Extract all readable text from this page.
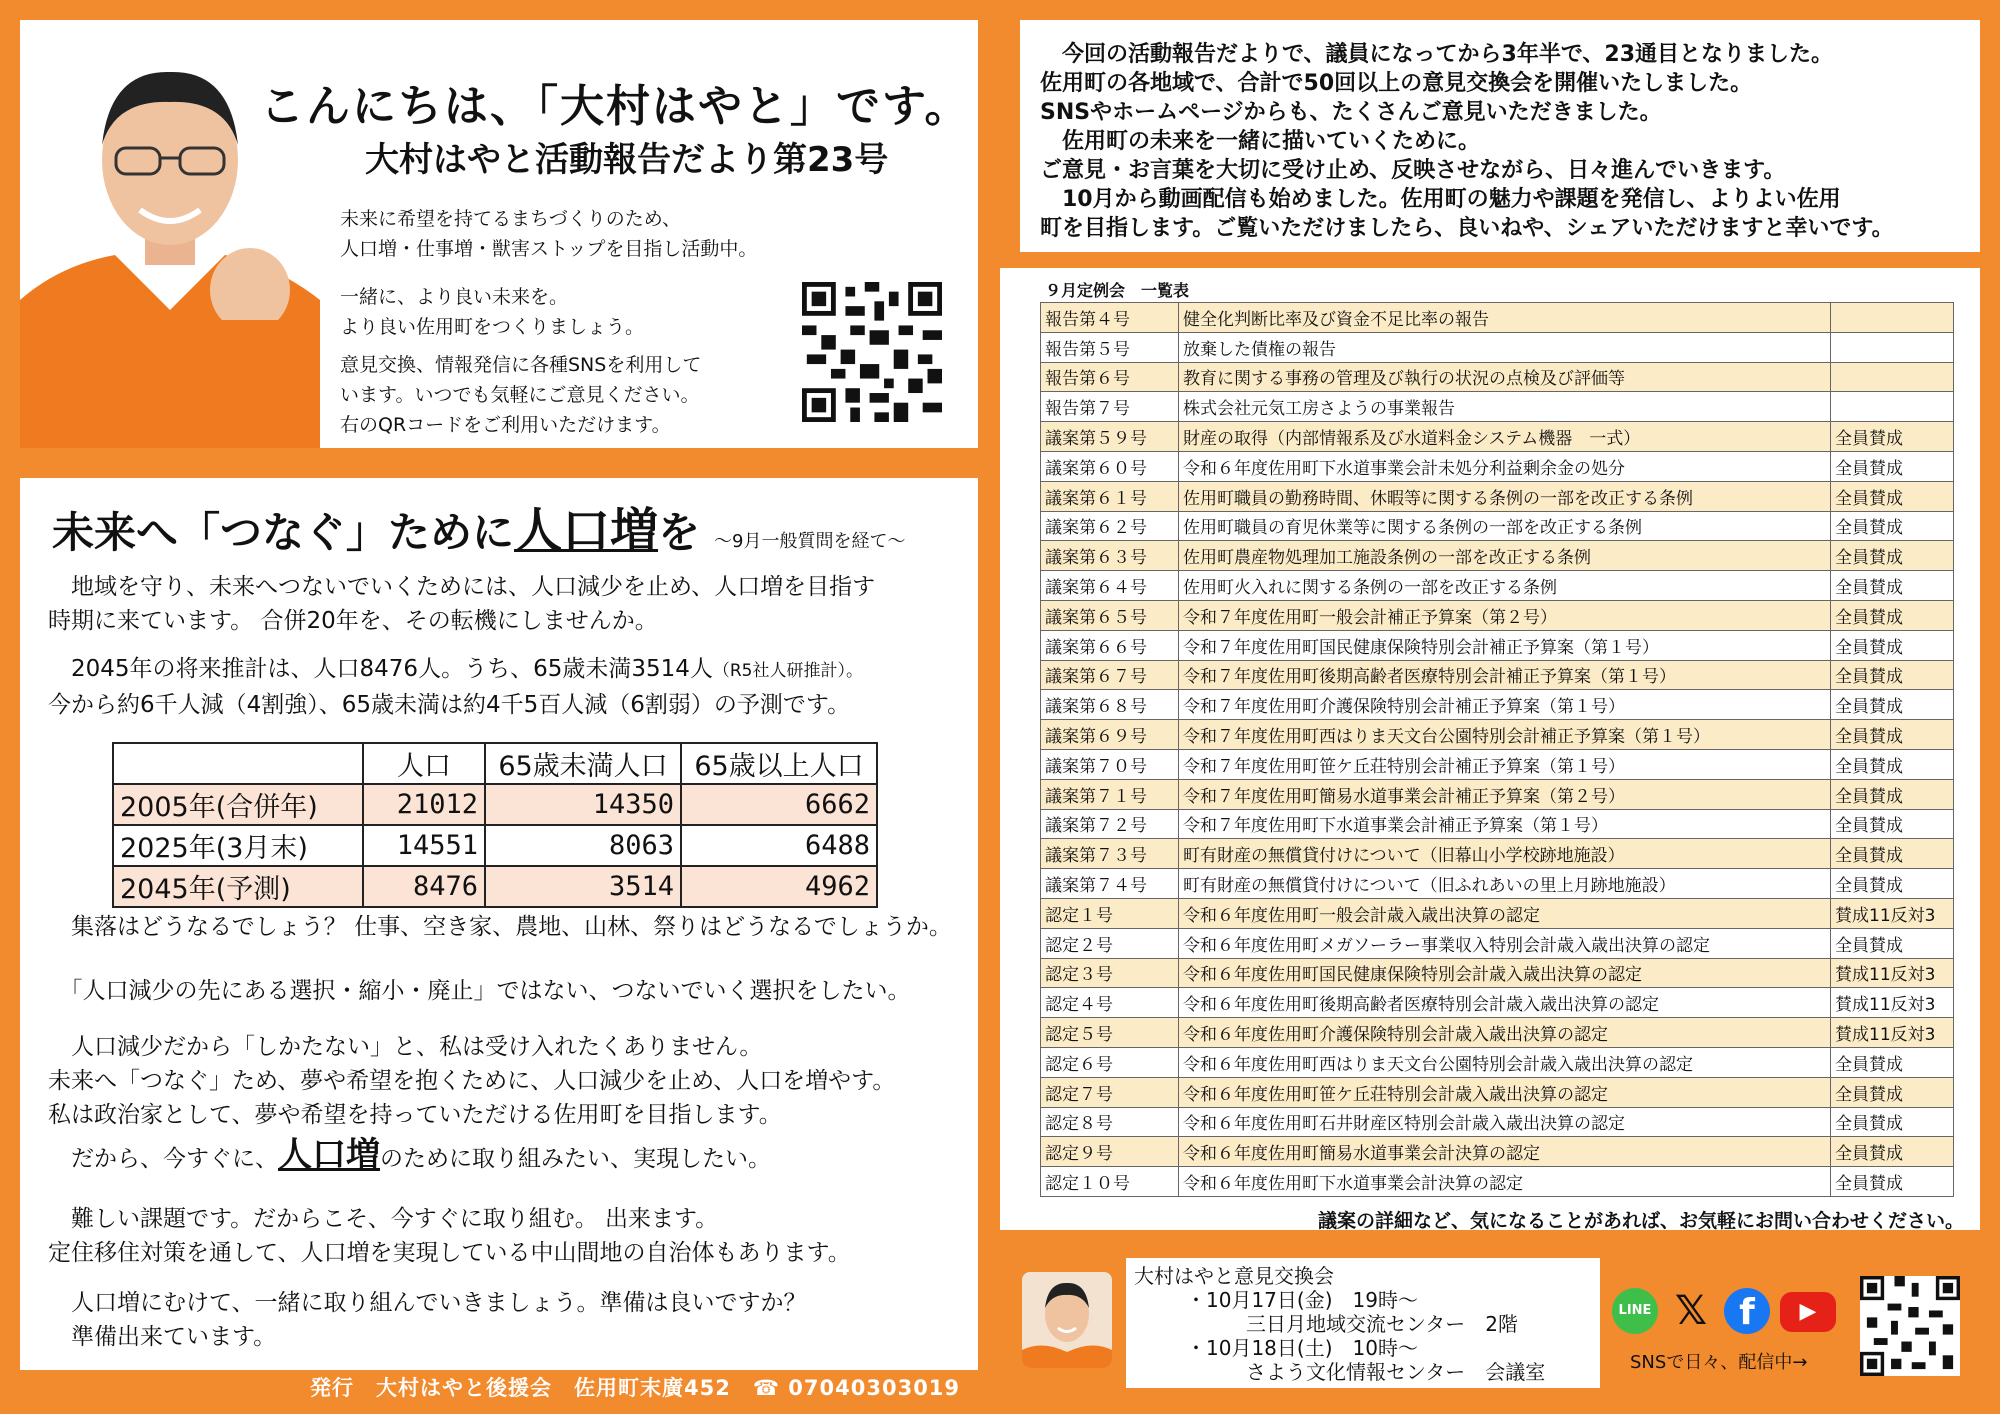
こんにちは、「大村はやと」です。
大村はやと活動報告だより第23号
未来に希望を持てるまちづくりのため、
人口増・仕事増・獣害ストップを目指し活動中。
一緒に、より良い未来を。
より良い佐用町をつくりましょう。
意見交換、情報発信に各種SNSを利用して
います。いつでも気軽にご意見ください。
右のQRコードをご利用いただけます。
未来へ「つなぐ」ために人口増を ～9月一般質問を経て～
　地域を守り、未来へつないでいくためには、人口減少を止め、人口増を目指す
時期に来ています。 合併20年を、その転機にしませんか。
　2045年の将来推計は、人口8476人。うち、65歳未満3514人（R5社人研推計）。
今から約6千人減（4割強）、65歳未満は約4千5百人減（6割弱）の予測です。
	人口	65歳未満人口	65歳以上人口
2005年(合併年)	21012	14350	6662
2025年(3月末)	14551	8063	6488
2045年(予測)	8476	3514	4962
　集落はどうなるでしょう？ 仕事、空き家、農地、山林、祭りはどうなるでしょうか。
　「人口減少の先にある選択・縮小・廃止」ではない、つないでいく選択をしたい。
　人口減少だから「しかたない」と、私は受け入れたくありません。
未来へ「つなぐ」ため、夢や希望を抱くために、人口減少を止め、人口を増やす。
私は政治家として、夢や希望を持っていただける佐用町を目指します。
　だから、今すぐに、人口増のために取り組みたい、実現したい。
　難しい課題です。だからこそ、今すぐに取り組む。 出来ます。
定住移住対策を通して、人口増を実現している中山間地の自治体もあります。
　人口増にむけて、一緒に取り組んでいきましょう。準備は良いですか？
　準備出来ています。
発行　大村はやと後援会　佐用町末廣452　☎ 07040303019
　今回の活動報告だよりで、議員になってから3年半で、23通目となりました。
佐用町の各地域で、合計で50回以上の意見交換会を開催いたしました。
SNSやホームページからも、たくさんご意見いただきました。
　佐用町の未来を一緒に描いていくために。
ご意見・お言葉を大切に受け止め、反映させながら、日々進んでいきます。
　10月から動画配信も始めました。佐用町の魅力や課題を発信し、よりよい佐用
町を目指します。ご覧いただけましたら、良いねや、シェアいただけますと幸いです。
９月定例会　一覧表
報告第４号	健全化判断比率及び資金不足比率の報告	
報告第５号	放棄した債権の報告	
報告第６号	教育に関する事務の管理及び執行の状況の点検及び評価等	
報告第７号	株式会社元気工房さようの事業報告	
議案第５９号	財産の取得（内部情報系及び水道料金システム機器　一式）	全員賛成
議案第６０号	令和６年度佐用町下水道事業会計未処分利益剰余金の処分	全員賛成
議案第６１号	佐用町職員の勤務時間、休暇等に関する条例の一部を改正する条例	全員賛成
議案第６２号	佐用町職員の育児休業等に関する条例の一部を改正する条例	全員賛成
議案第６３号	佐用町農産物処理加工施設条例の一部を改正する条例	全員賛成
議案第６４号	佐用町火入れに関する条例の一部を改正する条例	全員賛成
議案第６５号	令和７年度佐用町一般会計補正予算案（第２号）	全員賛成
議案第６６号	令和７年度佐用町国民健康保険特別会計補正予算案（第１号）	全員賛成
議案第６７号	令和７年度佐用町後期高齢者医療特別会計補正予算案（第１号）	全員賛成
議案第６８号	令和７年度佐用町介護保険特別会計補正予算案（第１号）	全員賛成
議案第６９号	令和７年度佐用町西はりま天文台公園特別会計補正予算案（第１号）	全員賛成
議案第７０号	令和７年度佐用町笹ケ丘荘特別会計補正予算案（第１号）	全員賛成
議案第７１号	令和７年度佐用町簡易水道事業会計補正予算案（第２号）	全員賛成
議案第７２号	令和７年度佐用町下水道事業会計補正予算案（第１号）	全員賛成
議案第７３号	町有財産の無償貸付けについて（旧幕山小学校跡地施設）	全員賛成
議案第７４号	町有財産の無償貸付けについて（旧ふれあいの里上月跡地施設）	全員賛成
認定１号	令和６年度佐用町一般会計歳入歳出決算の認定	賛成11反対3
認定２号	令和６年度佐用町メガソーラー事業収入特別会計歳入歳出決算の認定	全員賛成
認定３号	令和６年度佐用町国民健康保険特別会計歳入歳出決算の認定	賛成11反対3
認定４号	令和６年度佐用町後期高齢者医療特別会計歳入歳出決算の認定	賛成11反対3
認定５号	令和６年度佐用町介護保険特別会計歳入歳出決算の認定	賛成11反対3
認定６号	令和６年度佐用町西はりま天文台公園特別会計歳入歳出決算の認定	全員賛成
認定７号	令和６年度佐用町笹ケ丘荘特別会計歳入歳出決算の認定	全員賛成
認定８号	令和６年度佐用町石井財産区特別会計歳入歳出決算の認定	全員賛成
認定９号	令和６年度佐用町簡易水道事業会計決算の認定	全員賛成
認定１０号	令和６年度佐用町下水道事業会計決算の認定	全員賛成
議案の詳細など、気になることがあれば、お気軽にお問い合わせください。
大村はやと意見交換会
・10月17日(金)　19時～
三日月地域交流センター　2階
・10月18日(土)　10時～
さよう文化情報センター　会議室
LINE 𝕏 f	▶
SNSで日々、配信中→
